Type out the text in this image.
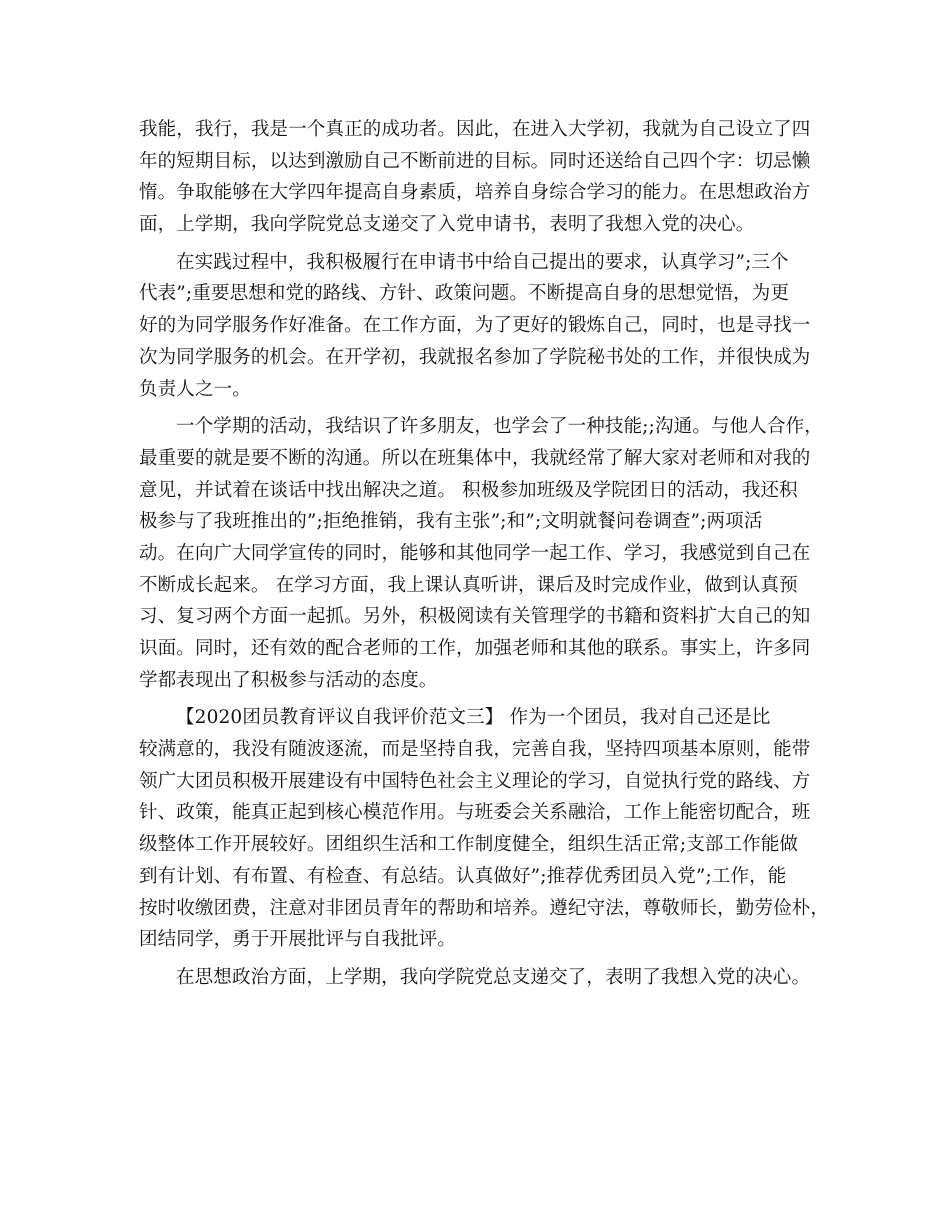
我能，我行，我是一个真正的成功者。因此，在进入大学初，我就为自己设立了四
年的短期目标，以达到激励自己不断前进的目标。同时还送给自己四个字：切忌懒
惰。争取能够在大学四年提高自身素质，培养自身综合学习的能力。在思想政治方
面，上学期，我向学院党总支递交了入党申请书，表明了我想入党的决心。
在实践过程中，我积极履行在申请书中给自己提出的要求，认真学习”;三个
代表”;重要思想和党的路线、方针、政策问题。不断提高自身的思想觉悟，为更
好的为同学服务作好准备。在工作方面，为了更好的锻炼自己，同时，也是寻找一
次为同学服务的机会。在开学初，我就报名参加了学院秘书处的工作，并很快成为
负责人之一。
一个学期的活动，我结识了许多朋友，也学会了一种技能;;沟通。与他人合作，
最重要的就是要不断的沟通。所以在班集体中，我就经常了解大家对老师和对我的
意见，并试着在谈话中找出解决之道。 积极参加班级及学院团日的活动，我还积
极参与了我班推出的”;拒绝推销，我有主张”;和”;文明就餐问卷调查”;两项活
动。在向广大同学宣传的同时，能够和其他同学一起工作、学习，我感觉到自己在
不断成长起来。 在学习方面，我上课认真听讲，课后及时完成作业，做到认真预
习、复习两个方面一起抓。另外，积极阅读有关管理学的书籍和资料扩大自己的知
识面。同时，还有效的配合老师的工作，加强老师和其他的联系。事实上，许多同
学都表现出了积极参与活动的态度。
【2020团员教育评议自我评价范文三】 作为一个团员，我对自己还是比
较满意的，我没有随波逐流，而是坚持自我，完善自我，坚持四项基本原则，能带
领广大团员积极开展建设有中国特色社会主义理论的学习，自觉执行党的路线、方
针、政策，能真正起到核心模范作用。与班委会关系融洽，工作上能密切配合，班
级整体工作开展较好。团组织生活和工作制度健全，组织生活正常;支部工作能做
到有计划、有布置、有检查、有总结。认真做好”;推荐优秀团员入党”;工作，能
按时收缴团费，注意对非团员青年的帮助和培养。遵纪守法，尊敬师长，勤劳俭朴，
团结同学，勇于开展批评与自我批评。
在思想政治方面，上学期，我向学院党总支递交了，表明了我想入党的决心。
